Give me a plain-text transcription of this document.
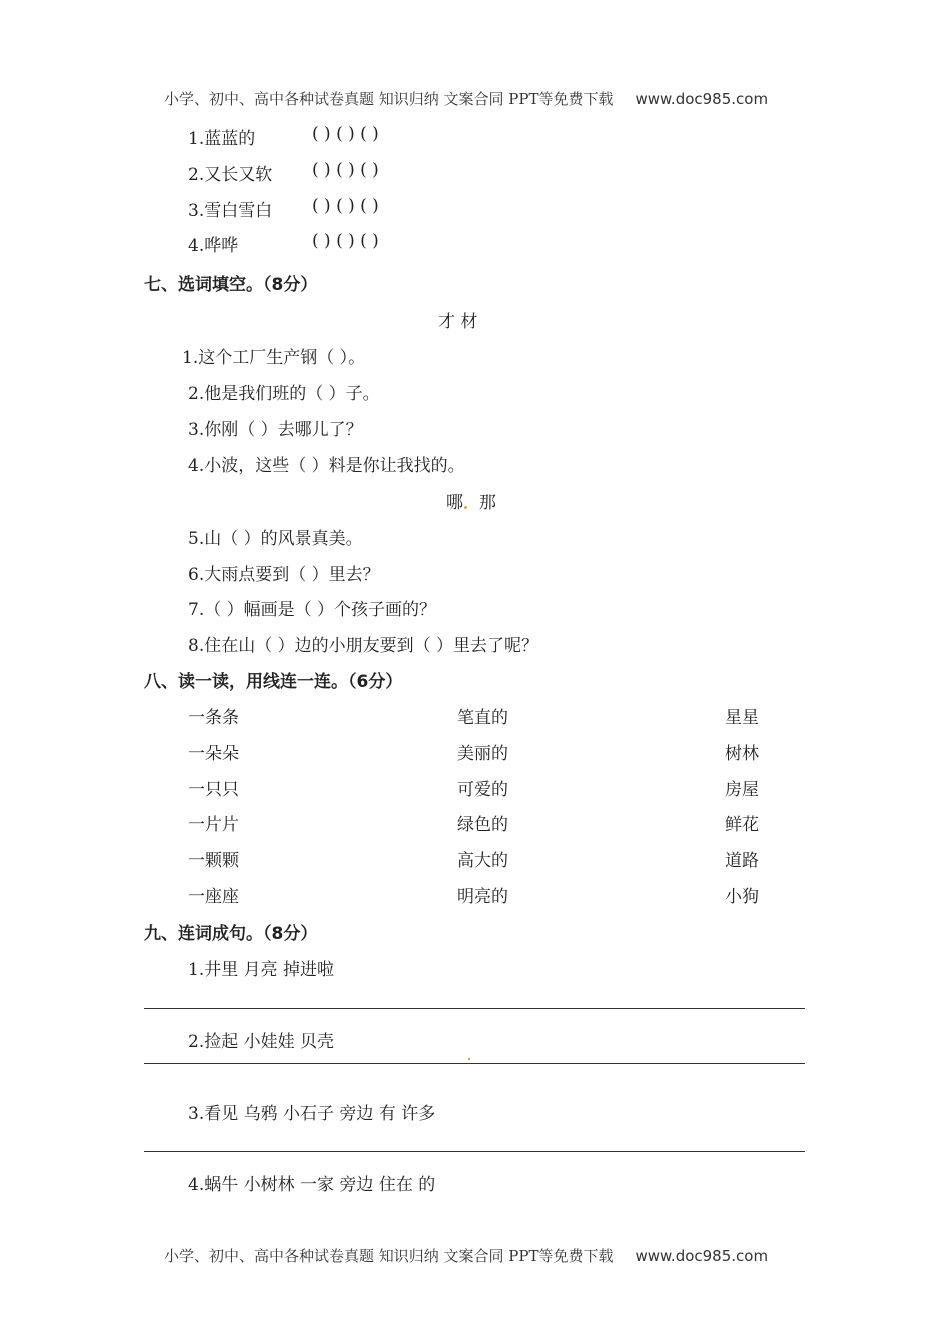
小学、初中、高中各种试卷真题 知识归纳 文案合同 PPT等免费下载 www.doc985.com
1.蓝蓝的	( ) ( ) ( )
2.又长又软 ( ) ( ) ( )
3.雪白雪白 ( ) ( ) ( )
4.哗哗	( ) ( ) ( )
七、选词填空。（8分）
才 材
1.这个工厂生产钢（ ）。
2.他是我们班的（ ）子。
3.你刚（ ）去哪儿了？
4.小波，这些（ ）料是你让我找的。
哪 那
5.山（ ）的风景真美。
6.大雨点要到（ ）里去？
7.（ ）幅画是（ ）个孩子画的？
8.住在山（ ）边的小朋友要到（ ）里去了呢？
八、读一读，用线连一连。（6分）
一条条	笔直的	星星
一朵朵	美丽的	树林
一只只	可爱的	房屋
一片片	绿色的	鲜花
一颗颗	高大的	道路
一座座	明亮的	小狗
九、连词成句。（8分）
1.井里 月亮 掉进啦
2.捡起 小娃娃 贝壳
3.看见 乌鸦 小石子 旁边 有 许多
4.蜗牛 小树林 一家 旁边 住在 的
小学、初中、高中各种试卷真题 知识归纳 文案合同 PPT等免费下载 www.doc985.com
